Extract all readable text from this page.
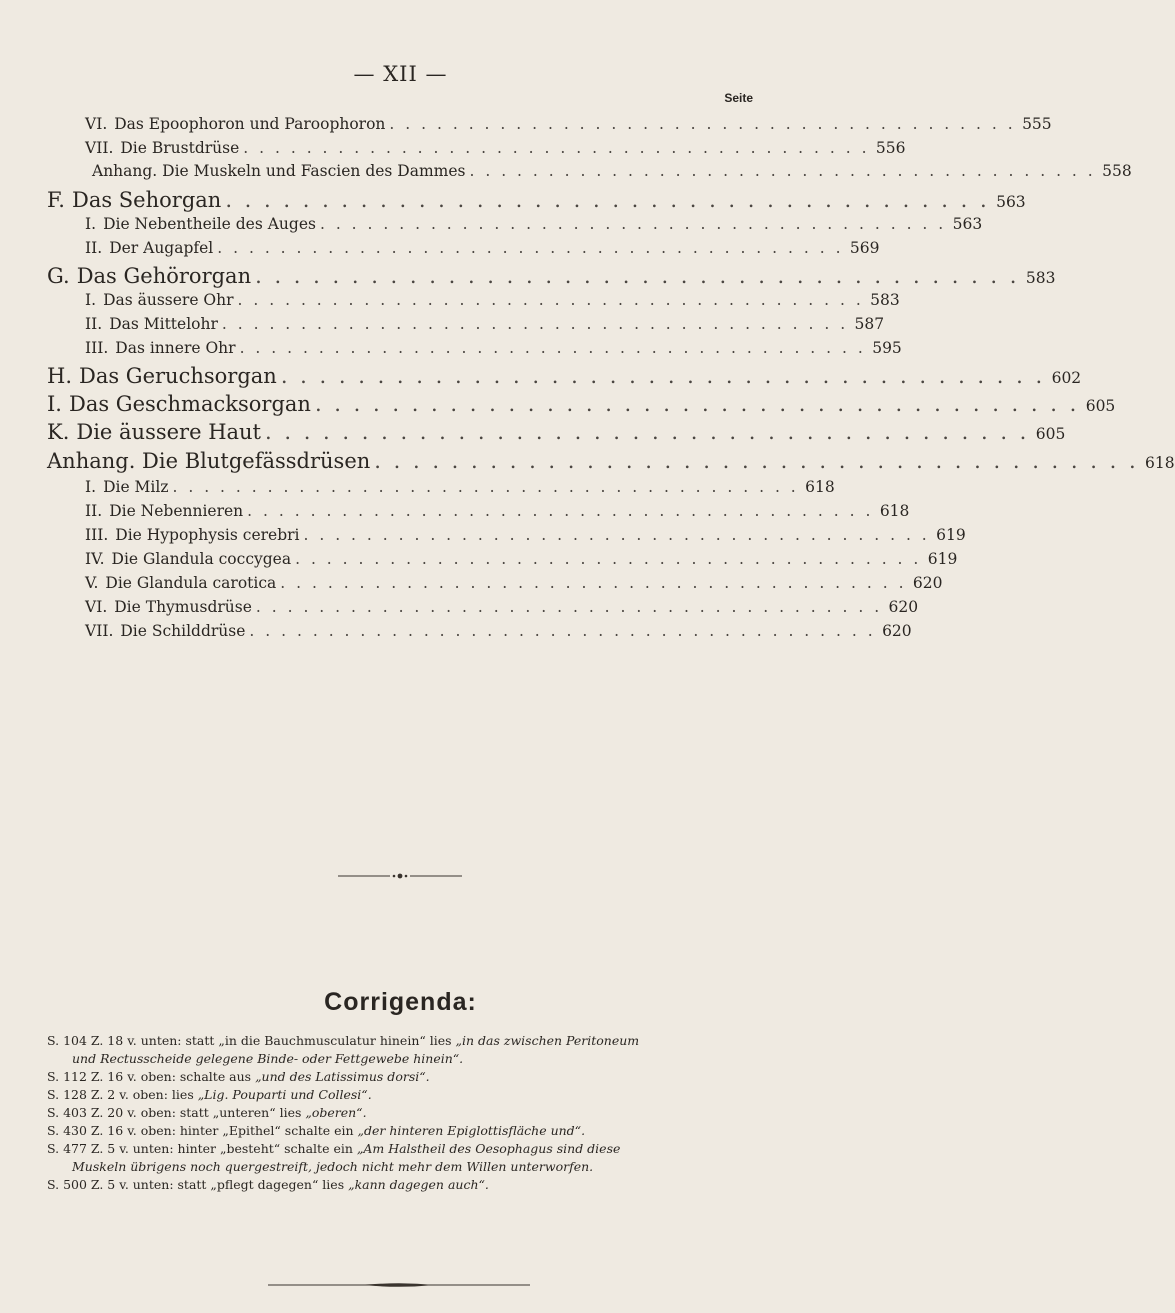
— XII —
Seite
VI. Das Epoophoron und Paroophoron . . . . . . . . . . . . . . . . . . . . . . . . . . . . . . . . . . . . . . . . 555
VII. Die Brustdrüse . . . . . . . . . . . . . . . . . . . . . . . . . . . . . . . . . . . . . . . . 556
Anhang. Die Muskeln und Fascien des Dammes . . . . . . . . . . . . . . . . . . . . . . . . . . . . . . . . . . . . . . . . 558
F. Das Sehorgan . . . . . . . . . . . . . . . . . . . . . . . . . . . . . . . . . . . . . . . . 563
I. Die Nebentheile des Auges . . . . . . . . . . . . . . . . . . . . . . . . . . . . . . . . . . . . . . . . 563
II. Der Augapfel . . . . . . . . . . . . . . . . . . . . . . . . . . . . . . . . . . . . . . . . 569
G. Das Gehörorgan . . . . . . . . . . . . . . . . . . . . . . . . . . . . . . . . . . . . . . . . 583
I. Das äussere Ohr . . . . . . . . . . . . . . . . . . . . . . . . . . . . . . . . . . . . . . . . 583
II. Das Mittelohr . . . . . . . . . . . . . . . . . . . . . . . . . . . . . . . . . . . . . . . . 587
III. Das innere Ohr . . . . . . . . . . . . . . . . . . . . . . . . . . . . . . . . . . . . . . . . 595
H. Das Geruchsorgan . . . . . . . . . . . . . . . . . . . . . . . . . . . . . . . . . . . . . . . . 602
I. Das Geschmacksorgan . . . . . . . . . . . . . . . . . . . . . . . . . . . . . . . . . . . . . . . . 605
K. Die äussere Haut . . . . . . . . . . . . . . . . . . . . . . . . . . . . . . . . . . . . . . . . 605
Anhang. Die Blutgefässdrüsen . . . . . . . . . . . . . . . . . . . . . . . . . . . . . . . . . . . . . . . . 618
I. Die Milz . . . . . . . . . . . . . . . . . . . . . . . . . . . . . . . . . . . . . . . . 618
II. Die Nebennieren . . . . . . . . . . . . . . . . . . . . . . . . . . . . . . . . . . . . . . . . 618
III. Die Hypophysis cerebri . . . . . . . . . . . . . . . . . . . . . . . . . . . . . . . . . . . . . . . . 619
IV. Die Glandula coccygea . . . . . . . . . . . . . . . . . . . . . . . . . . . . . . . . . . . . . . . . 619
V. Die Glandula carotica . . . . . . . . . . . . . . . . . . . . . . . . . . . . . . . . . . . . . . . . 620
VI. Die Thymusdrüse . . . . . . . . . . . . . . . . . . . . . . . . . . . . . . . . . . . . . . . . 620
VII. Die Schilddrüse . . . . . . . . . . . . . . . . . . . . . . . . . . . . . . . . . . . . . . . . 620
Corrigenda:
S. 104 Z. 18 v. unten: statt „in die Bauchmusculatur hinein“ lies „in das zwischen Peritoneum
und Rectusscheide gelegene Binde- oder Fettgewebe hinein“.
S. 112 Z. 16 v. oben: schalte aus „und des Latissimus dorsi“.
S. 128 Z. 2 v. oben: lies „Lig. Pouparti und Collesi“.
S. 403 Z. 20 v. oben: statt „unteren“ lies „oberen“.
S. 430 Z. 16 v. oben: hinter „Epithel“ schalte ein „der hinteren Epiglottisfläche und“.
S. 477 Z. 5 v. unten: hinter „besteht“ schalte ein „Am Halstheil des Oesophagus sind diese
Muskeln übrigens noch quergestreift, jedoch nicht mehr dem Willen unterworfen.
S. 500 Z. 5 v. unten: statt „pflegt dagegen“ lies „kann dagegen auch“.
